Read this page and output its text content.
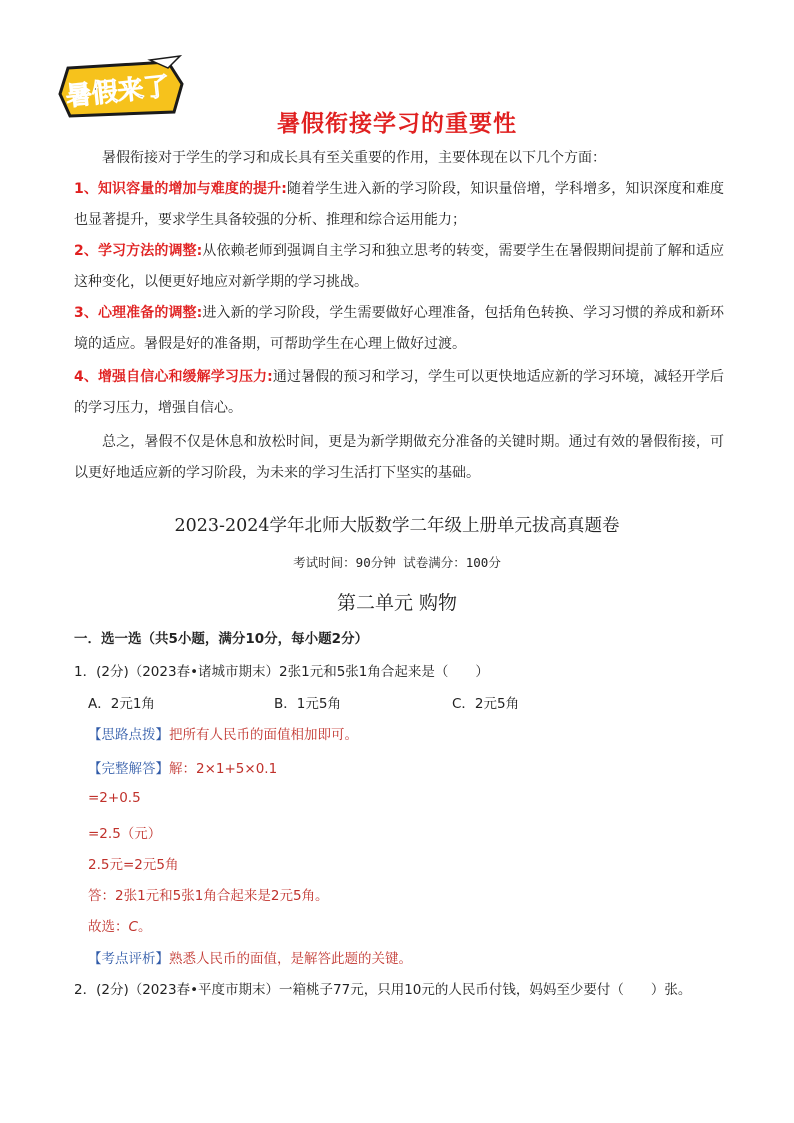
暑假来了
暑假衔接学习的重要性
暑假衔接对于学生的学习和成长具有至关重要的作用，主要体现在以下几个方面：
1、知识容量的增加与难度的提升:随着学生进入新的学习阶段，知识量倍增，学科增多，知识深度和难度也显著提升，要求学生具备较强的分析、推理和综合运用能力；
2、学习方法的调整:从依赖老师到强调自主学习和独立思考的转变，需要学生在暑假期间提前了解和适应这种变化，以便更好地应对新学期的学习挑战。
3、心理准备的调整:进入新的学习阶段，学生需要做好心理准备，包括角色转换、学习习惯的养成和新环境的适应。暑假是好的准备期，可帮助学生在心理上做好过渡。
4、增强自信心和缓解学习压力:通过暑假的预习和学习，学生可以更快地适应新的学习环境，减轻开学后的学习压力，增强自信心。
总之，暑假不仅是休息和放松时间，更是为新学期做充分准备的关键时期。通过有效的暑假衔接，可以更好地适应新的学习阶段，为未来的学习生活打下坚实的基础。
2023-2024学年北师大版数学二年级上册单元拔高真题卷
考试时间：90分钟 试卷满分：100分
第二单元 购物
一．选一选（共5小题，满分10分，每小题2分）
1．(2分)（2023春•诸城市期末）2张1元和5张1角合起来是（　　）
A．2元1角	B．1元5角	C．2元5角
【思路点拨】把所有人民币的面值相加即可。
【完整解答】解：2×1+5×0.1
=2+0.5
=2.5（元）
2.5元=2元5角
答：2张1元和5张1角合起来是2元5角。
故选：C。
【考点评析】熟悉人民币的面值，是解答此题的关键。
2．(2分)（2023春•平度市期末）一箱桃子77元，只用10元的人民币付钱，妈妈至少要付（　　）张。
